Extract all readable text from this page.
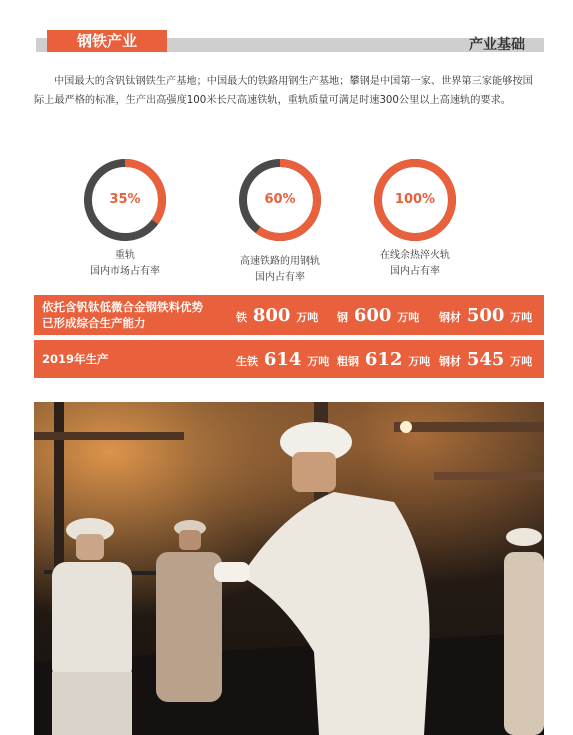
钢铁产业	产业基础
中国最大的含钒钛钢铁生产基地；中国最大的铁路用钢生产基地；攀钢是中国第一家、世界第三家能够按国际上最严格的标准，生产出高强度100米长尺高速铁轨，重轨质量可满足时速300公里以上高速轨的要求。
35%
重轨
国内市场占有率
60%
高速铁路的用钢轨
国内占有率
100%
在线余热淬火轨
国内占有率
依托含钒钛低微合金钢铁料优势
已形成综合生产能力	铁 800 万吨 钢 600 万吨 钢材 500 万吨
2019年生产	生铁 614 万吨 粗钢 612 万吨 钢材 545 万吨
